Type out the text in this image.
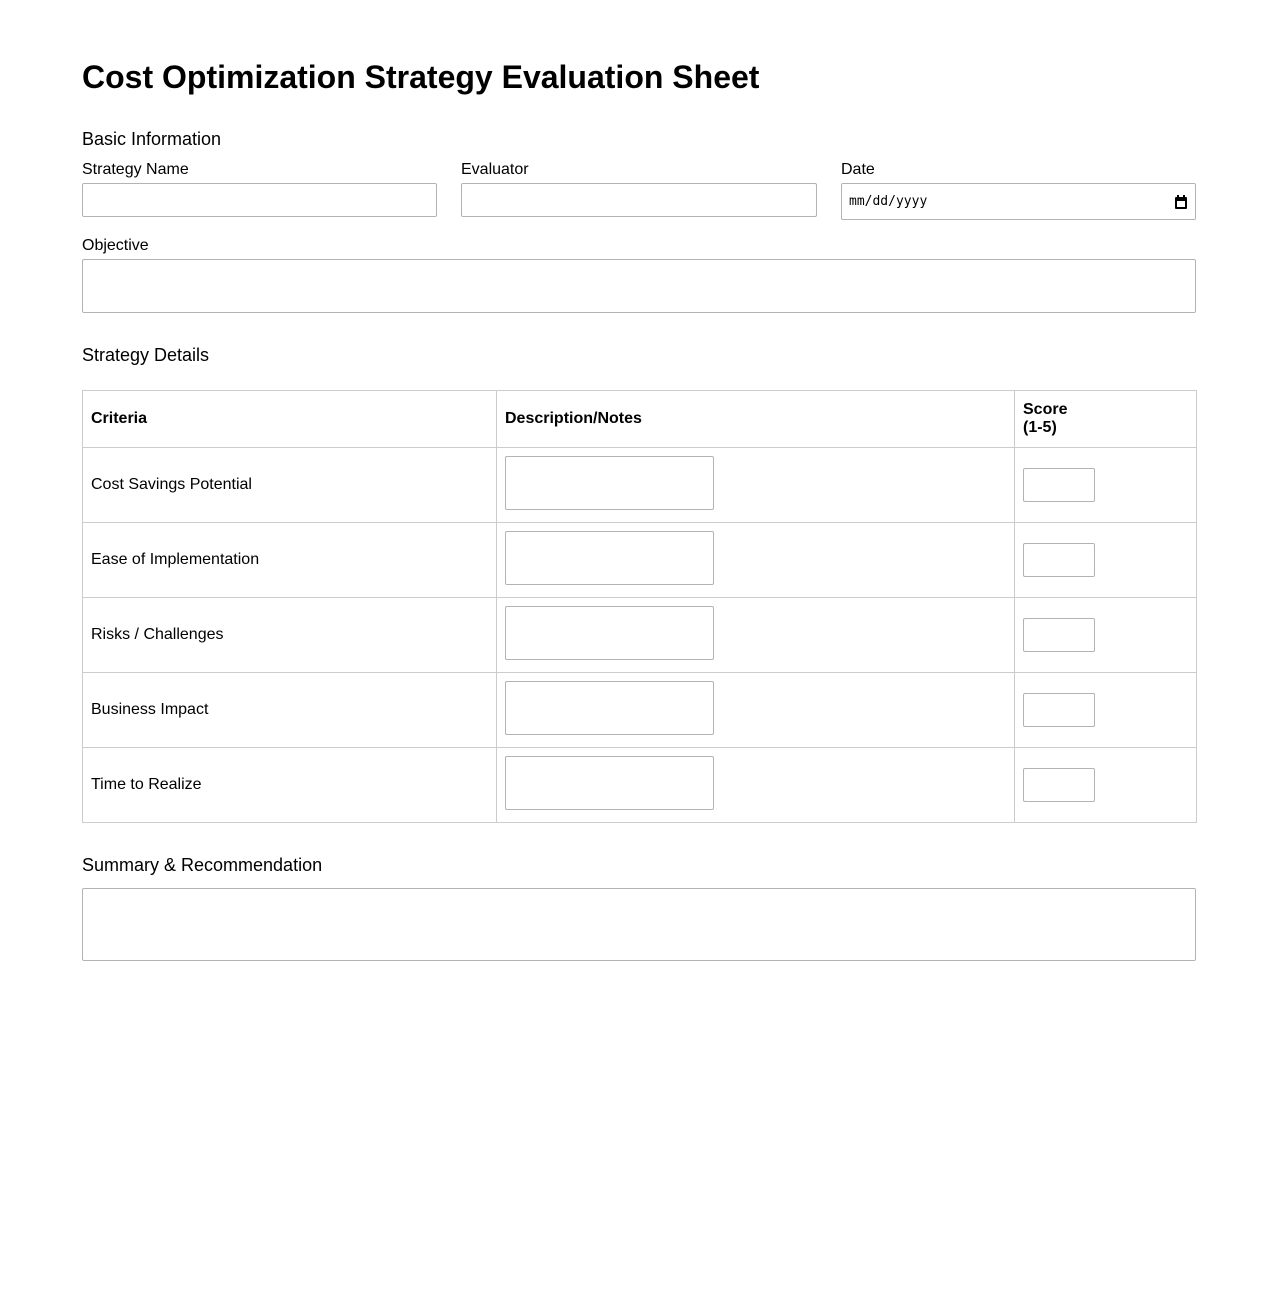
Cost Optimization Strategy Evaluation Sheet
Basic Information
Strategy Name	Evaluator	Date
mm/dd/yyyy
Objective
Strategy Details
Criteria	Description/Notes	Score
(1-5)
Cost Savings Potential		
Ease of Implementation		
Risks / Challenges		
Business Impact		
Time to Realize		
Summary & Recommendation
